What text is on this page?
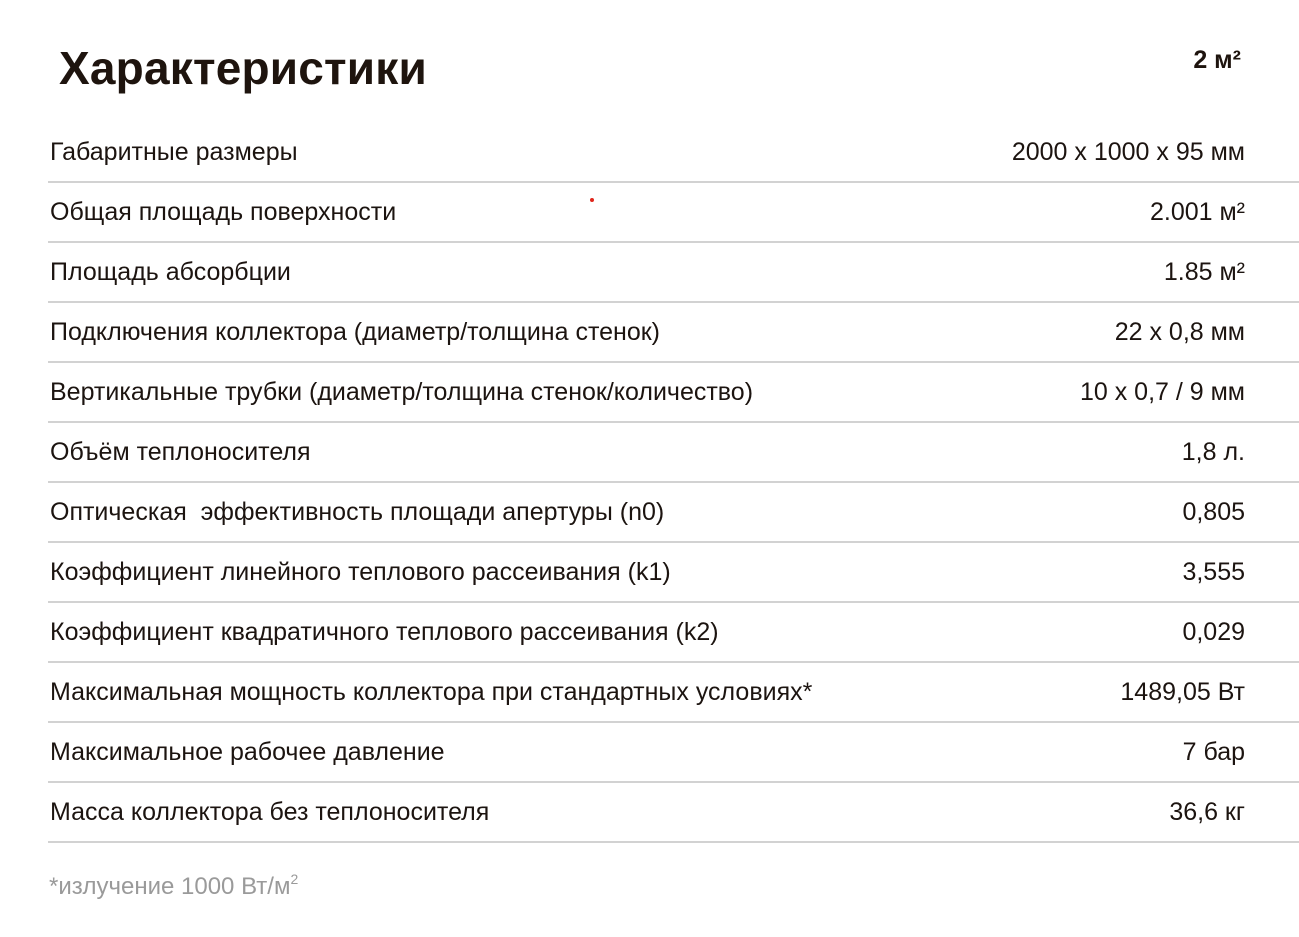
Характеристики	2 м²
Габаритные размеры	2000 x 1000 x 95 мм
Общая площадь поверхности	2.001 м²
Площадь абсорбции	1.85 м²
Подключения коллектора (диаметр/толщина стенок)	22 x 0,8 мм
Вертикальные трубки (диаметр/толщина стенок/количество)	10 x 0,7 / 9 мм
Объём теплоносителя	1,8 л.
Оптическая  эффективность площади апертуры (n0)	0,805
Коэффициент линейного теплового рассеивания (k1)	3,555
Коэффициент квадратичного теплового рассеивания (k2)	0,029
Максимальная мощность коллектора при стандартных условиях*	1489,05 Вт
Максимальное рабочее давление	7 бар
Масса коллектора без теплоносителя	36,6 кг
*излучение 1000 $Вт/м^2$
